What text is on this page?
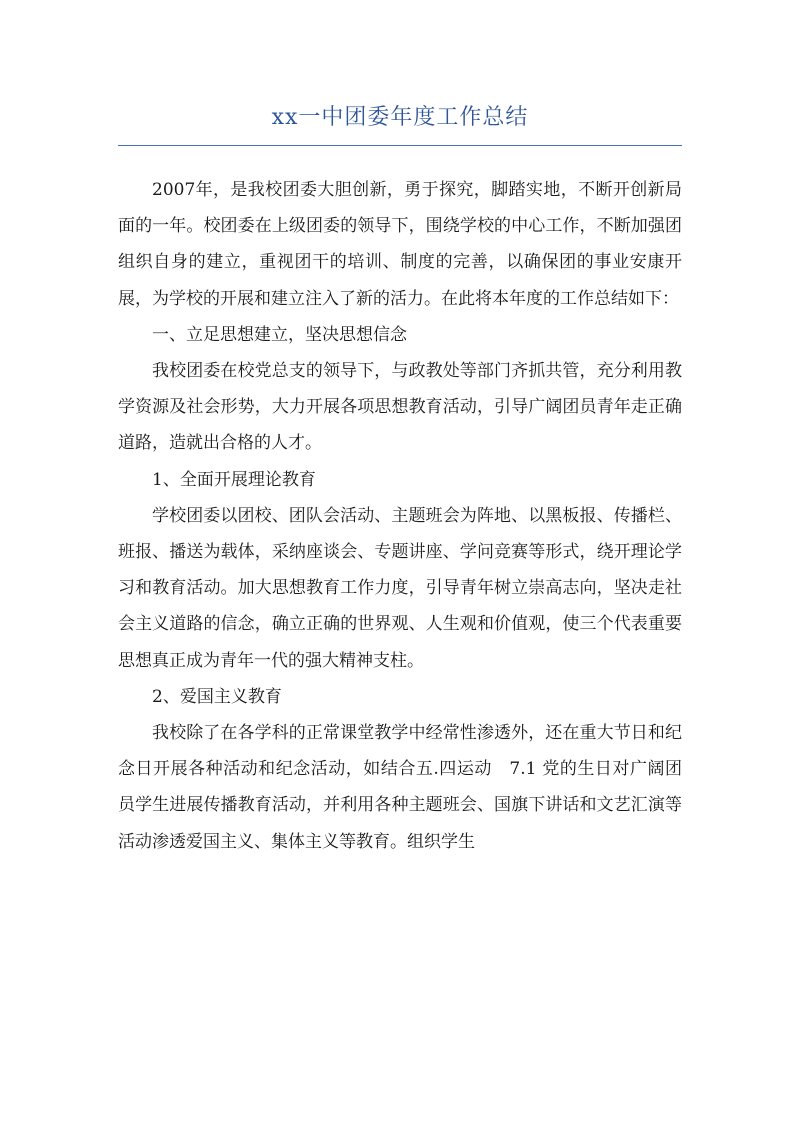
xx一中团委年度工作总结

2007年，是我校团委大胆创新，勇于探究，脚踏实地，不断开创新局面的一年。校团委在上级团委的领导下，围绕学校的中心工作，不断加强团组织自身的建立，重视团干的培训、制度的完善，以确保团的事业安康开展，为学校的开展和建立注入了新的活力。在此将本年度的工作总结如下：

一、立足思想建立，坚决思想信念

我校团委在校党总支的领导下，与政教处等部门齐抓共管，充分利用教学资源及社会形势，大力开展各项思想教育活动，引导广阔团员青年走正确道路，造就出合格的人才。

1、全面开展理论教育

学校团委以团校、团队会活动、主题班会为阵地、以黑板报、传播栏、班报、播送为载体，采纳座谈会、专题讲座、学问竞赛等形式，绕开理论学习和教育活动。加大思想教育工作力度，引导青年树立崇高志向，坚决走社会主义道路的信念，确立正确的世界观、人生观和价值观，使三个代表重要思想真正成为青年一代的强大精神支柱。

2、爱国主义教育

我校除了在各学科的正常课堂教学中经常性渗透外，还在重大节日和纪念日开展各种活动和纪念活动，如结合五.四运动　7.1 党的生日对广阔团员学生进展传播教育活动，并利用各种主题班会、国旗下讲话和文艺汇演等活动渗透爱国主义、集体主义等教育。组织学生
